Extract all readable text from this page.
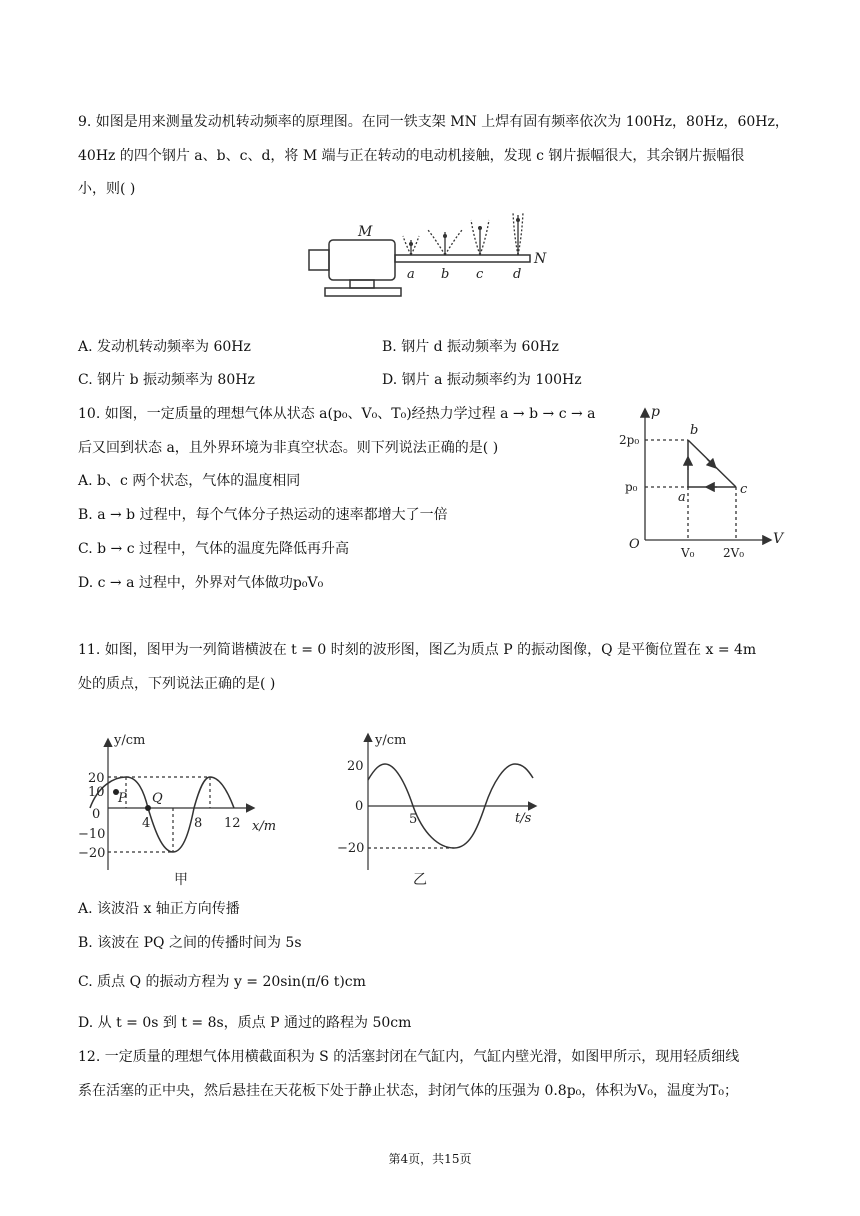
9. 如图是用来测量发动机转动频率的原理图。在同一铁支架 MN 上焊有固有频率依次为 100Hz，80Hz，60Hz，
40Hz 的四个钢片 a、b、c、d，将 M 端与正在转动的电动机接触，发现 c 钢片振幅很大，其余钢片振幅很
小，则( )
M
N
a b c d
A. 发动机转动频率为 60Hz	B. 钢片 d 振动频率为 60Hz
C. 钢片 b 振动频率为 80Hz	D. 钢片 a 振动频率约为 100Hz
10. 如图，一定质量的理想气体从状态 a(p₀、V₀、T₀)经热力学过程 a → b → c → a
后又回到状态 a，且外界环境为非真空状态。则下列说法正确的是( )
A. b、c 两个状态，气体的温度相同
B. a → b 过程中，每个气体分子热运动的速率都增大了一倍
C. b → c 过程中，气体的温度先降低再升高
D. c → a 过程中，外界对气体做功p₀V₀
p
V
O
2p₀
p₀
V₀ 2V₀
a
b
c
11. 如图，图甲为一列简谐横波在 t = 0 时刻的波形图，图乙为质点 P 的振动图像，Q 是平衡位置在 x = 4m
处的质点，下列说法正确的是( )
y/cm
x/m
20
10
0
−10
−20
4	8 12
P Q
甲
y/cm
t/s
20
0
−20
5
乙
A. 该波沿 x 轴正方向传播
B. 该波在 PQ 之间的传播时间为 5s
C. 质点 Q 的振动方程为 y = 20sin(π/6 t)cm
D. 从 t = 0s 到 t = 8s，质点 P 通过的路程为 50cm
12. 一定质量的理想气体用横截面积为 S 的活塞封闭在气缸内，气缸内壁光滑，如图甲所示，现用轻质细线
系在活塞的正中央，然后悬挂在天花板下处于静止状态，封闭气体的压强为 0.8p₀，体积为V₀，温度为T₀；
第4页，共15页
